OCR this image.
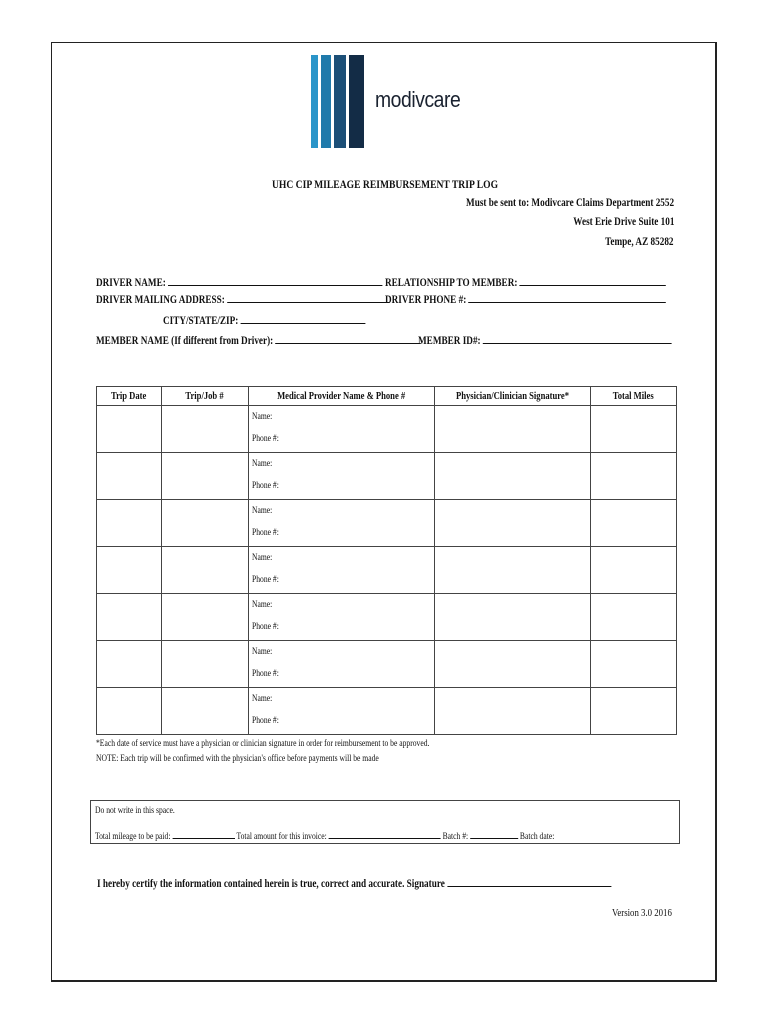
modivcare
UHC CIP MILEAGE REIMBURSEMENT TRIP LOG
Must be sent to: Modivcare Claims Department 2552
West Erie Drive Suite 101
Tempe, AZ 85282
DRIVER NAME:	RELATIONSHIP TO MEMBER:
DRIVER MAILING ADDRESS:	DRIVER PHONE #:
CITY/STATE/ZIP:
MEMBER NAME (If different from Driver):	MEMBER ID#:
Trip Date	Trip/Job #	Medical Provider Name & Phone #	Physician/Clinician Signature*	Total Miles

		Name:
Phone #:		

		Name:
Phone #:		

		Name:
Phone #:		

		Name:
Phone #:		

		Name:
Phone #:		

		Name:
Phone #:		

		Name:
Phone #:		

*Each date of service must have a physician or clinician signature in order for reimbursement to be approved.
NOTE: Each trip will be confirmed with the physician's office before payments will be made
Do not write in this space.
Total mileage to be paid:	Total amount for this invoice:	Batch #:	Batch date:
I hereby certify the information contained herein is true, correct and accurate. Signature
Version 3.0 2016
